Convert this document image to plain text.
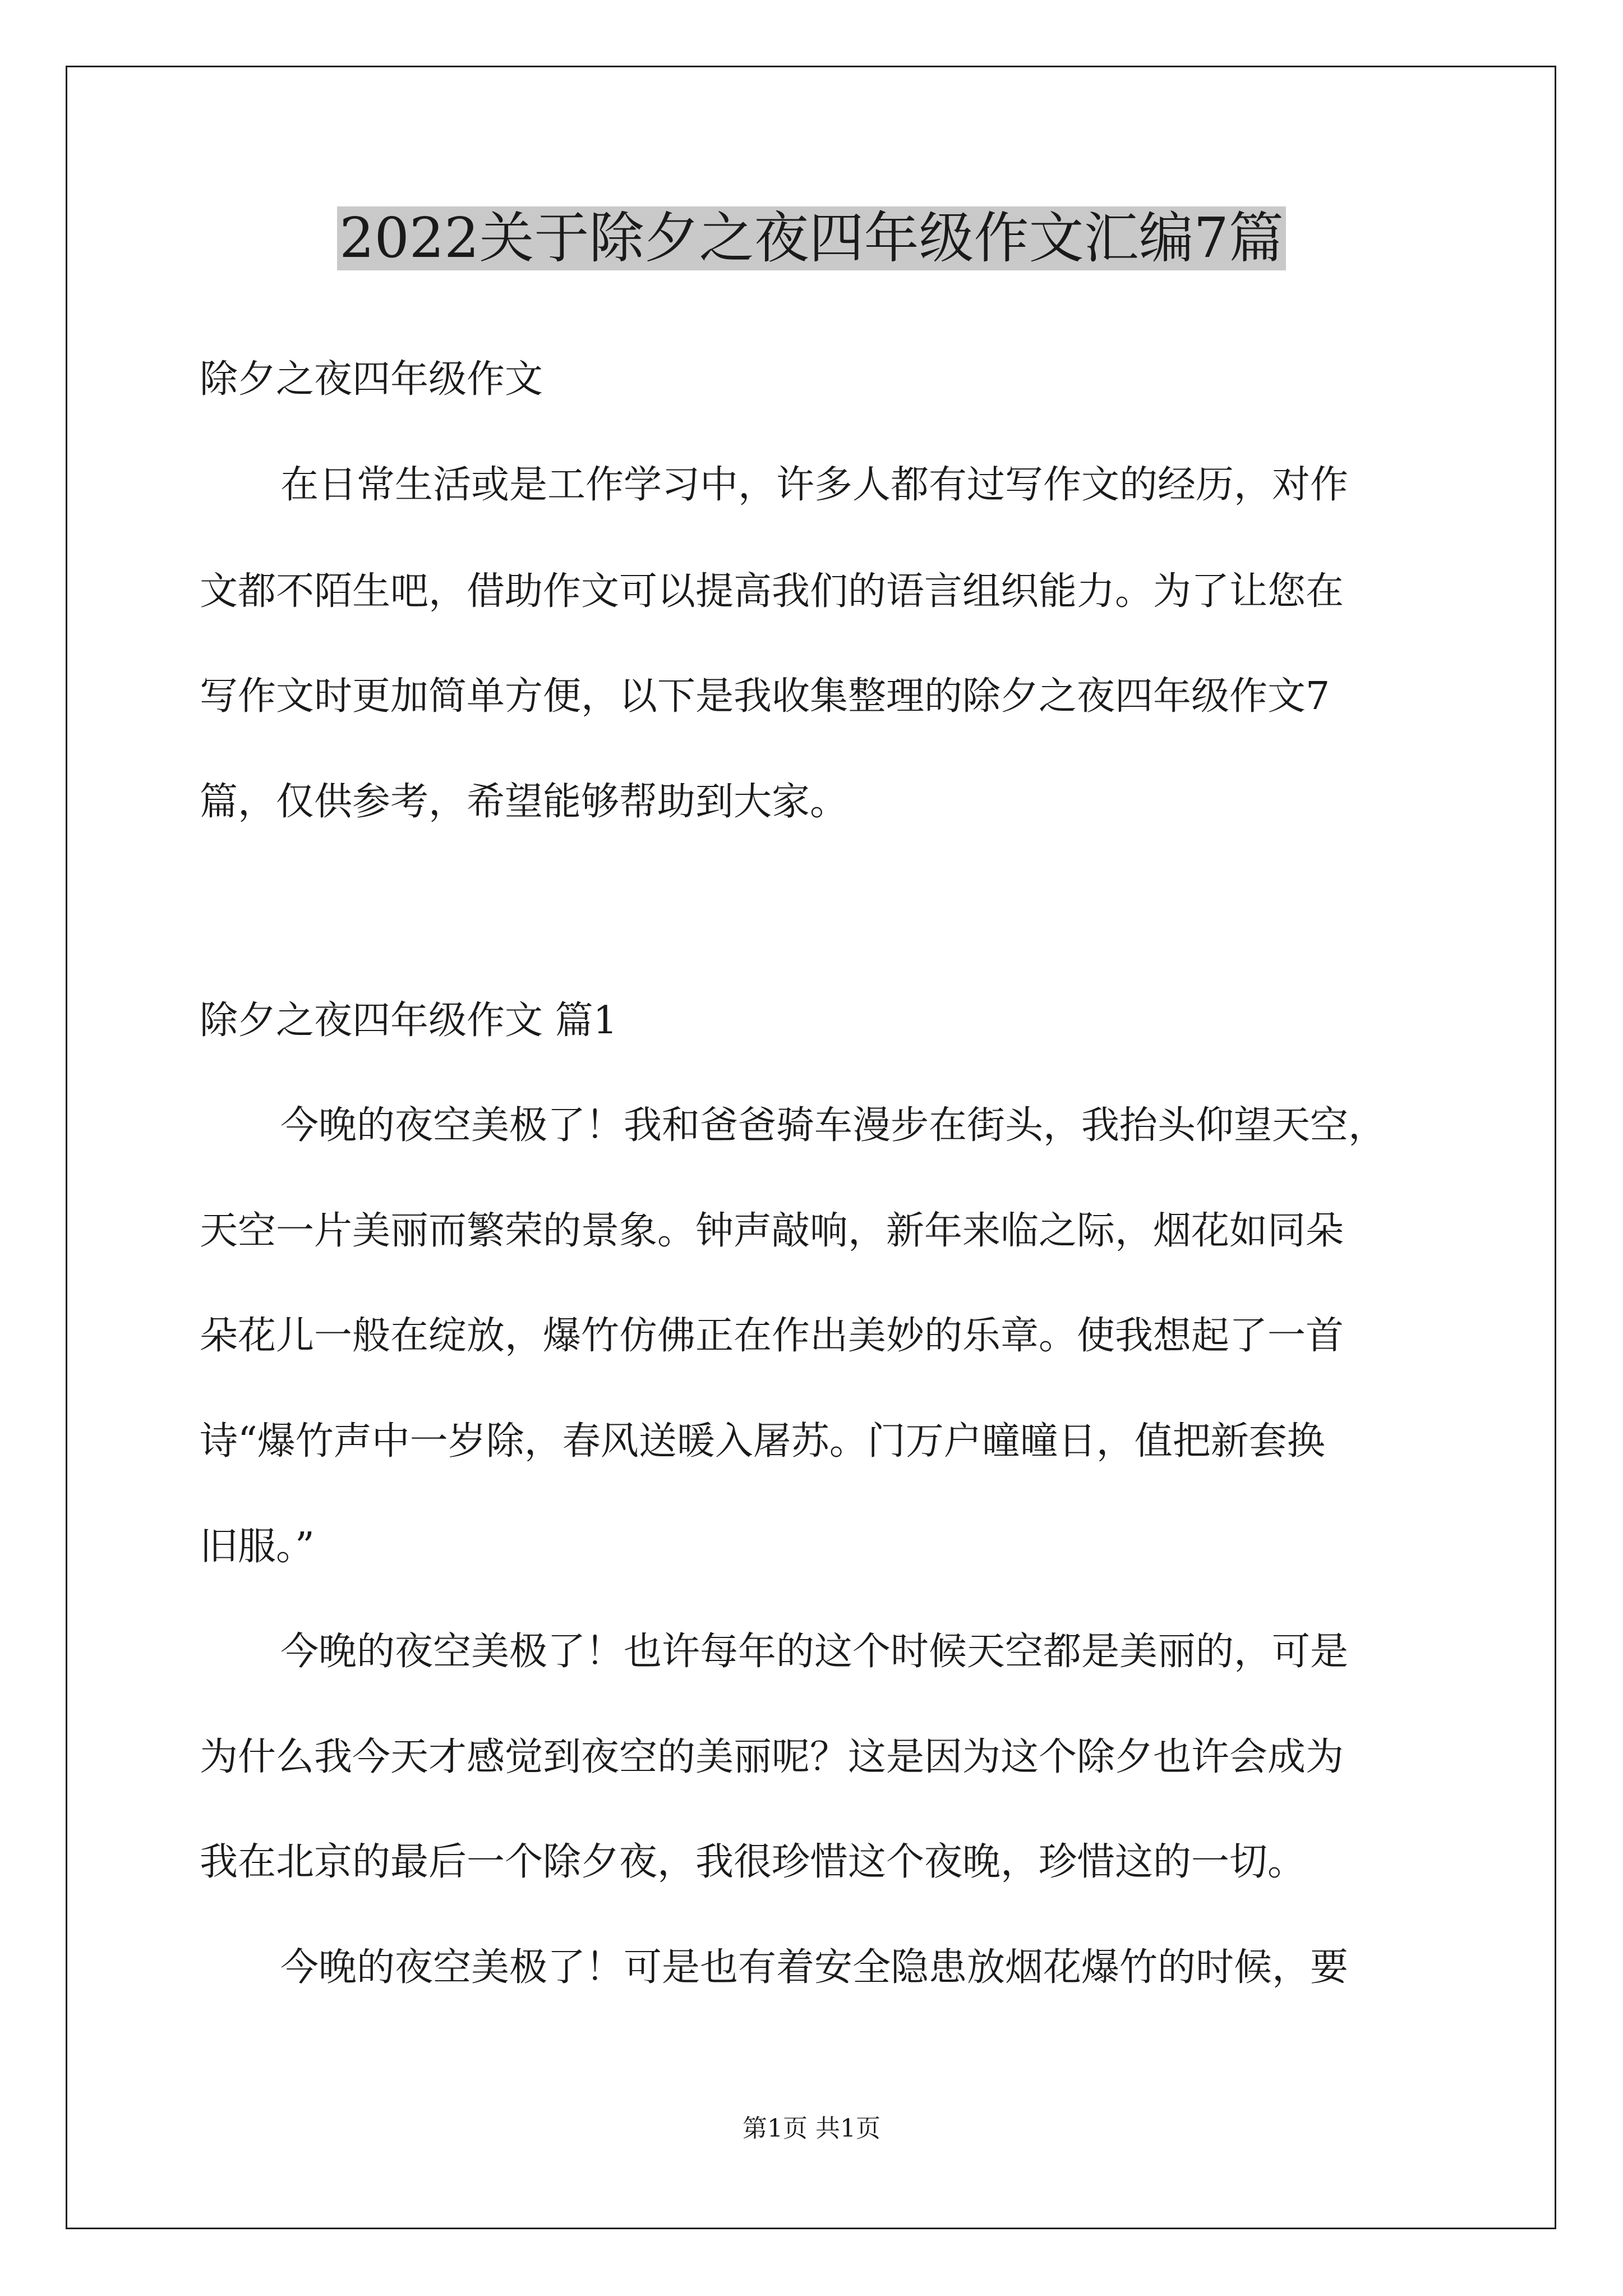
2022关于除夕之夜四年级作文汇编7篇
除夕之夜四年级作文
在日常生活或是工作学习中，许多人都有过写作文的经历，对作
文都不陌生吧，借助作文可以提高我们的语言组织能力。为了让您在
写作文时更加简单方便，以下是我收集整理的除夕之夜四年级作文7
篇，仅供参考，希望能够帮助到大家。
除夕之夜四年级作文 篇1
今晚的夜空美极了！我和爸爸骑车漫步在街头，我抬头仰望天空，
天空一片美丽而繁荣的景象。钟声敲响，新年来临之际，烟花如同朵
朵花儿一般在绽放，爆竹仿佛正在作出美妙的乐章。使我想起了一首
诗“爆竹声中一岁除，春风送暖入屠苏。门万户曈曈日，值把新套换
旧服。”
今晚的夜空美极了！也许每年的这个时候天空都是美丽的，可是
为什么我今天才感觉到夜空的美丽呢？这是因为这个除夕也许会成为
我在北京的最后一个除夕夜，我很珍惜这个夜晚，珍惜这的一切。
今晚的夜空美极了！可是也有着安全隐患放烟花爆竹的时候，要
第1页 共1页
